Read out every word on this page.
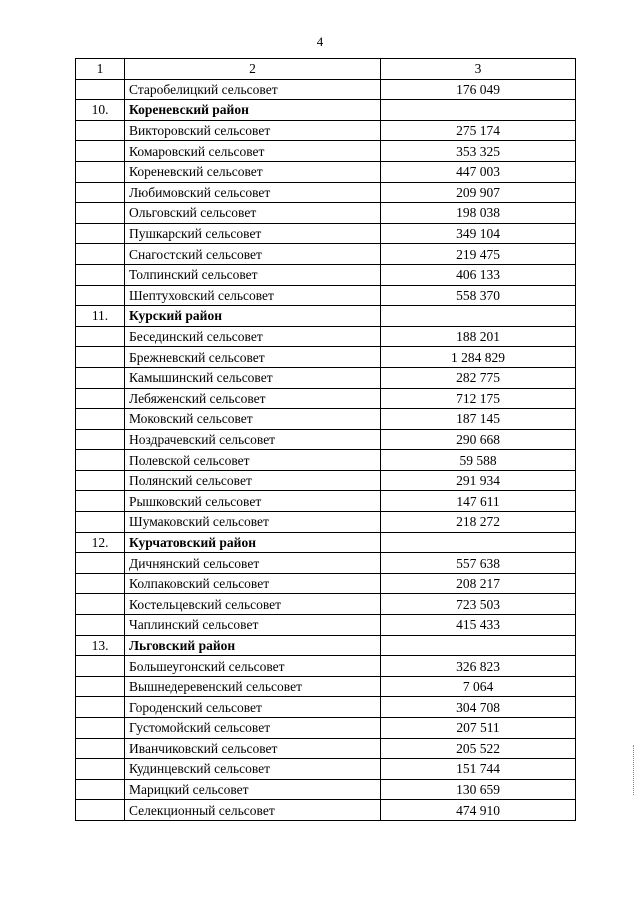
4
1	2	3
	Старобелицкий сельсовет	176 049
10.	Кореневский район	
	Викторовский сельсовет	275 174
	Комаровский сельсовет	353 325
	Кореневский сельсовет	447 003
	Любимовский сельсовет	209 907
	Ольговский сельсовет	198 038
	Пушкарский сельсовет	349 104
	Снагостский сельсовет	219 475
	Толпинский сельсовет	406 133
	Шептуховский сельсовет	558 370
11.	Курский район	
	Бесединский сельсовет	188 201
	Брежневский сельсовет	1 284 829
	Камышинский сельсовет	282 775
	Лебяженский сельсовет	712 175
	Моковский сельсовет	187 145
	Ноздрачевский сельсовет	290 668
	Полевской сельсовет	59 588
	Полянский сельсовет	291 934
	Рышковский сельсовет	147 611
	Шумаковский сельсовет	218 272
12.	Курчатовский район	
	Дичнянский сельсовет	557 638
	Колпаковский сельсовет	208 217
	Костельцевский сельсовет	723 503
	Чаплинский сельсовет	415 433
13.	Льговский район	
	Большеугонский сельсовет	326 823
	Вышнедеревенский сельсовет	7 064
	Городенский сельсовет	304 708
	Густомойский сельсовет	207 511
	Иванчиковский сельсовет	205 522
	Кудинцевский сельсовет	151 744
	Марицкий сельсовет	130 659
	Селекционный сельсовет	474 910
